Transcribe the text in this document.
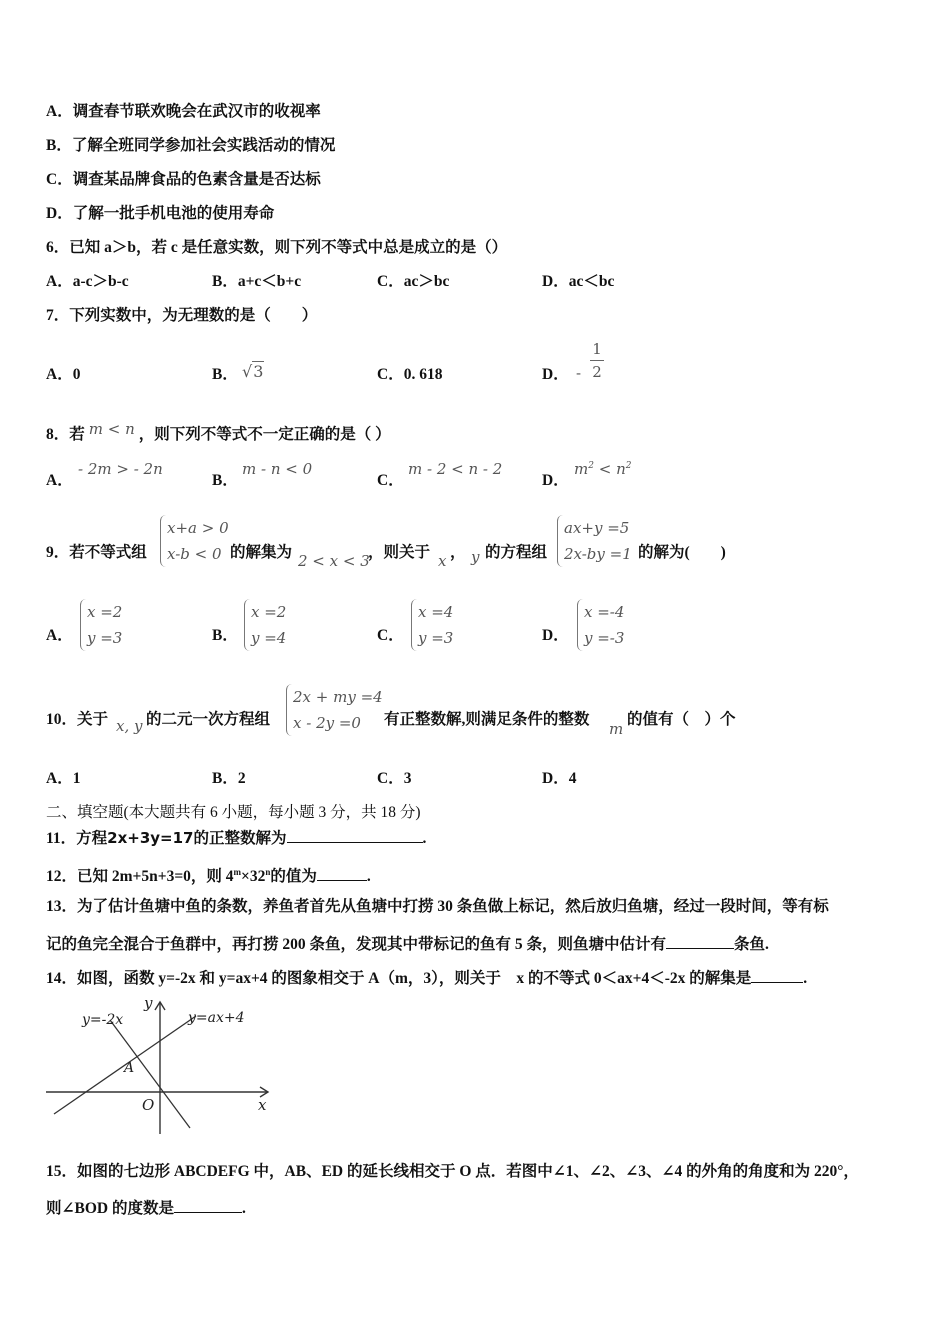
A．调查春节联欢晚会在武汉市的收视率
B．了解全班同学参加社会实践活动的情况
C．调查某品牌食品的色素含量是否达标
D．了解一批手机电池的使用寿命
6．已知 a＞b，若 c 是任意实数，则下列不等式中总是成立的是（）
A．a-c＞b-c	B．a+c＜b+c	C．ac＞bc	D．ac＜bc
7．下列实数中，为无理数的是（　　）
A．0	B． √3	C．0. 618	D． -
1
2
8．若 m < n ，则下列不等式不一定正确的是（ ）
A．
- 2m > - 2n
B．
m - n < 0
C．
m - 2 < n - 2
D．
$m^2 < n^2$
9．若不等式组
x+a > 0
x-b < 0 的解集为 2 < x < 3
，则关于 x ， y 的方程组
ax+y =5
2x-by =1 的解为(　　)
A．
x =2
y =3	B．
x =2
y =4	C．
x =4
y =3	D．
x =-4
y =-3
10．关于 x, y 的二元一次方程组
2x + my =4
x - 2y =0	有正整数解,则满足条件的整数
m
的值有（　）个
A．1	B．2	C．3	D．4
二、填空题(本大题共有 6 小题，每小题 3 分，共 18 分)
11．方程2x+3y=17的正整数解为	.
12．已知 2m+5n+3=0，则 $4^m\times 32^n$的值为	.
13．为了估计鱼塘中鱼的条数，养鱼者首先从鱼塘中打捞 30 条鱼做上标记，然后放归鱼塘，经过一段时间，等有标
记的鱼完全混合于鱼群中，再打捞 200 条鱼，发现其中带标记的鱼有 5 条，则鱼塘中估计有	条鱼.
14．如图，函数 y=-2x 和 y=ax+4 的图象相交于 A（m，3），则关于　x 的不等式 0＜ax+4＜-2x 的解集是	.
y=-2x	y=ax+4
y
x
O
A
15．如图的七边形 ABCDEFG 中，AB、ED 的延长线相交于 O 点．若图中∠1、∠2、∠3、∠4 的外角的角度和为 220°，
则∠BOD 的度数是	.
